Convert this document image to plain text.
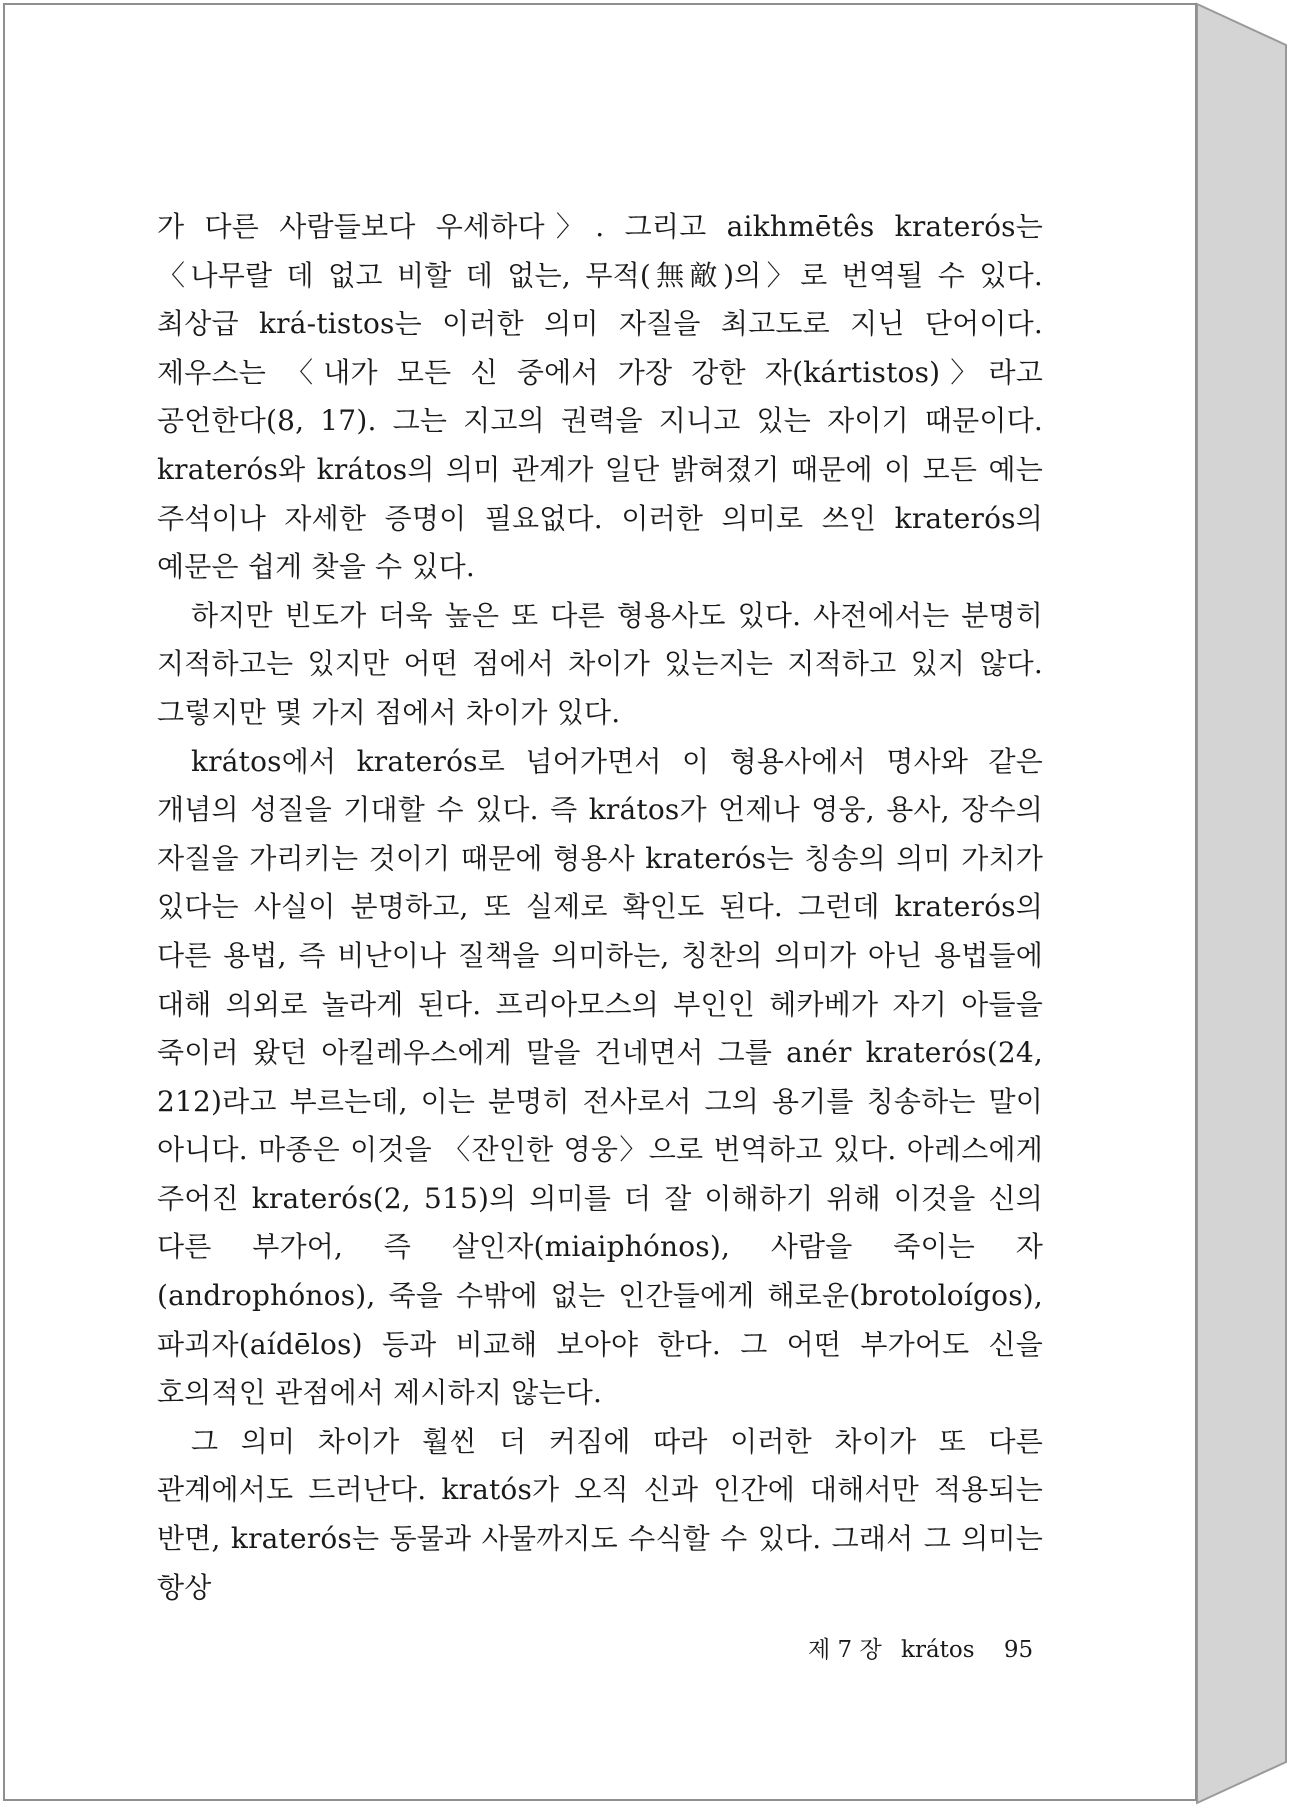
가 다른 사람들보다 우세하다〉. 그리고 aikhmētês kraterós는 〈나무랄 데 없고 비할 데 없는, 무적(無敵)의〉로 번역될 수 있다. 최상급 krá-tistos는 이러한 의미 자질을 최고도로 지닌 단어이다. 제우스는 〈내가 모든 신 중에서 가장 강한 자(kártistos)〉라고 공언한다(8, 17). 그는 지고의 권력을 지니고 있는 자이기 때문이다. kraterós와 krátos의 의미 관계가 일단 밝혀졌기 때문에 이 모든 예는 주석이나 자세한 증명이 필요없다. 이러한 의미로 쓰인 kraterós의 예문은 쉽게 찾을 수 있다.

하지만 빈도가 더욱 높은 또 다른 형용사도 있다. 사전에서는 분명히 지적하고는 있지만 어떤 점에서 차이가 있는지는 지적하고 있지 않다. 그렇지만 몇 가지 점에서 차이가 있다.

krátos에서 kraterós로 넘어가면서 이 형용사에서 명사와 같은 개념의 성질을 기대할 수 있다. 즉 krátos가 언제나 영웅, 용사, 장수의 자질을 가리키는 것이기 때문에 형용사 kraterós는 칭송의 의미 가치가 있다는 사실이 분명하고, 또 실제로 확인도 된다. 그런데 kraterós의 다른 용법, 즉 비난이나 질책을 의미하는, 칭찬의 의미가 아닌 용법들에 대해 의외로 놀라게 된다. 프리아모스의 부인인 헤카베가 자기 아들을 죽이러 왔던 아킬레우스에게 말을 건네면서 그를 anér kraterós(24, 212)라고 부르는데, 이는 분명히 전사로서 그의 용기를 칭송하는 말이 아니다. 마종은 이것을 〈잔인한 영웅〉으로 번역하고 있다. 아레스에게 주어진 kraterós(2, 515)의 의미를 더 잘 이해하기 위해 이것을 신의 다른 부가어, 즉 살인자(miaiphónos), 사람을 죽이는 자(androphónos), 죽을 수밖에 없는 인간들에게 해로운(brotoloígos), 파괴자(aídēlos) 등과 비교해 보아야 한다. 그 어떤 부가어도 신을 호의적인 관점에서 제시하지 않는다.

그 의미 차이가 훨씬 더 커짐에 따라 이러한 차이가 또 다른 관계에서도 드러난다. kratós가 오직 신과 인간에 대해서만 적용되는 반면, kraterós는 동물과 사물까지도 수식할 수 있다. 그래서 그 의미는 항상

제 7 장 krátos 95
